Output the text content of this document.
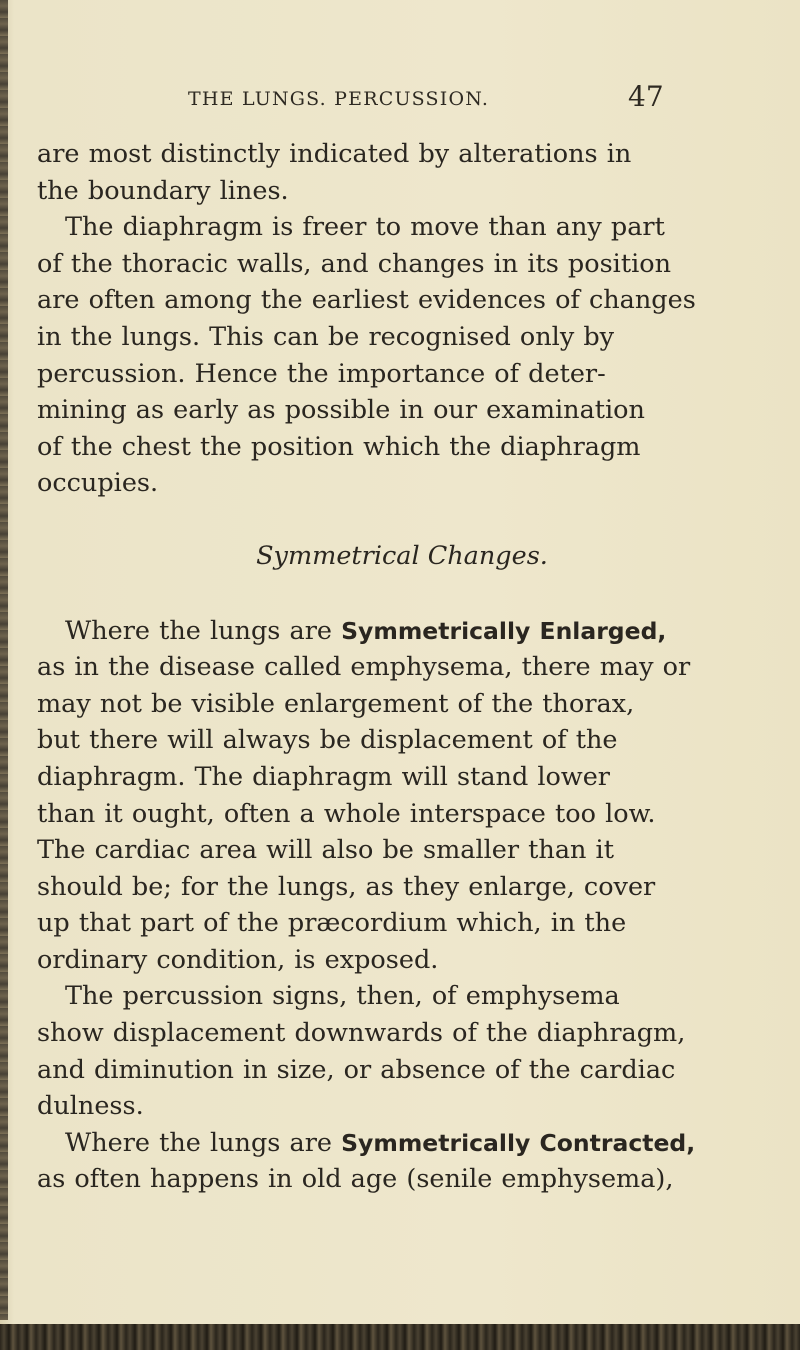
THE LUNGS. PERCUSSION.	47
are most distinctly indicated by alterations in
the boundary lines.
The diaphragm is freer to move than any part
of the thoracic walls, and changes in its position
are often among the earliest evidences of changes
in the lungs. This can be recognised only by
percussion. Hence the importance of deter-
mining as early as possible in our examination
of the chest the position which the diaphragm
occupies.
Symmetrical Changes.
Where the lungs are Symmetrically Enlarged,
as in the disease called emphysema, there may or
may not be visible enlargement of the thorax,
but there will always be displacement of the
diaphragm. The diaphragm will stand lower
than it ought, often a whole interspace too low.
The cardiac area will also be smaller than it
should be; for the lungs, as they enlarge, cover
up that part of the præcordium which, in the
ordinary condition, is exposed.
The percussion signs, then, of emphysema
show displacement downwards of the diaphragm,
and diminution in size, or absence of the cardiac
dulness.
Where the lungs are Symmetrically Contracted,
as often happens in old age (senile emphysema),
